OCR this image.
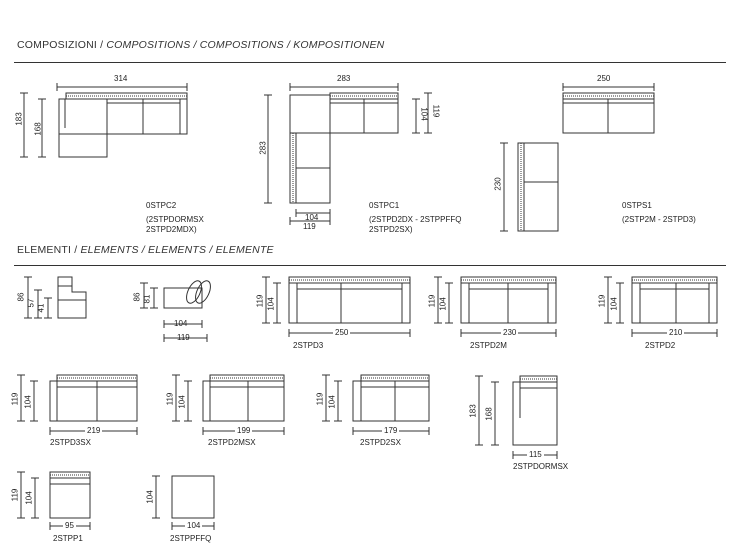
COMPOSIZIONI / COMPOSITIONS / COMPOSITIONS / KOMPOSITIONEN
ELEMENTI / ELEMENTS / ELEMENTS / ELEMENTE
314
183
168
0STPC2
(2STPDORMSX
2STPD2MDX)
283
283
104 119
104
119
0STPC1
(2STPD2DX - 2STPPFFQ
2STPD2SX)
250
230
0STPS1
(2STP2M - 2STPD3)
86
57
41
86 81
104
119
119 104
250
2STPD3
119 104
230
2STPD2M
119 104
210
2STPD2
119 104
219
2STPD3SX
119 104
199
2STPD2MSX
119 104
179
2STPD2SX
183 168
115
2STPDORMSX
119 104
95
2STPP1
104
104
2STPPFFQ
